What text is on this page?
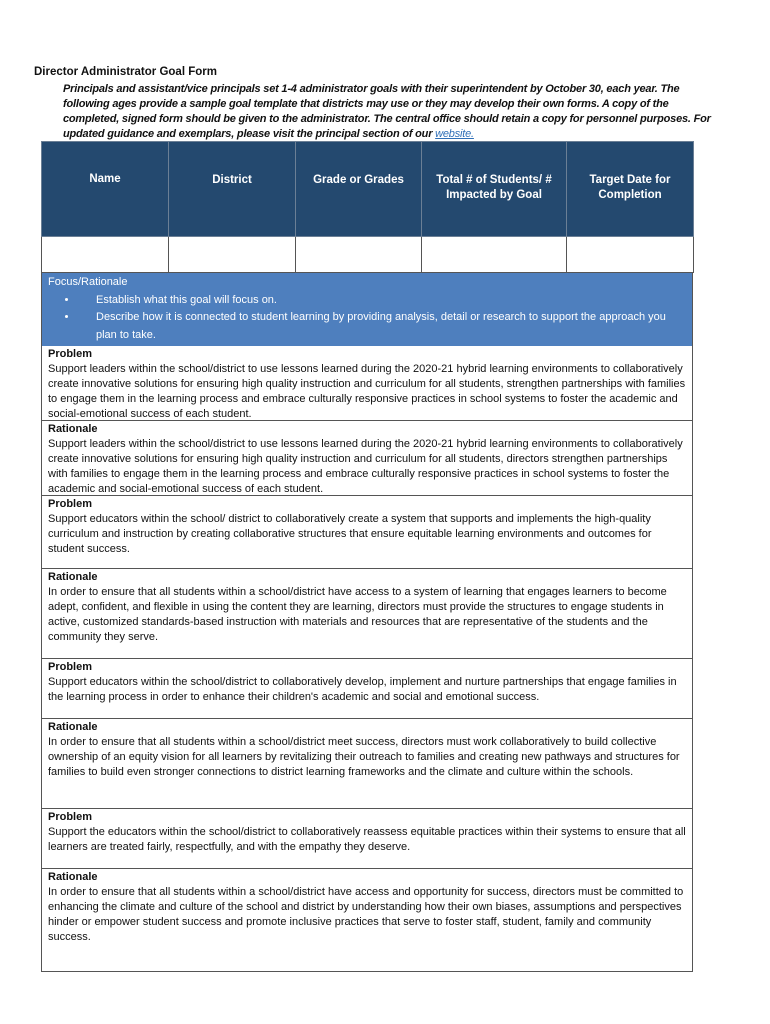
Director Administrator Goal Form
Principals and assistant/vice principals set 1-4 administrator goals with their superintendent by October 30, each year. The following ages provide a sample goal template that districts may use or they may develop their own forms. A copy of the completed, signed form should be given to the administrator. The central office should retain a copy for personnel purposes. For updated guidance and exemplars, please visit the principal section of our website.
Name	District	Grade or Grades	Total # of Students/ # Impacted by Goal	Target Date for Completion

Focus/Rationale
• Establish what this goal will focus on.
• Describe how it is connected to student learning by providing analysis, detail or research to support the approach you plan to take.
Problem
Support leaders within the school/district to use lessons learned during the 2020-21 hybrid learning environments to collaboratively create innovative solutions for ensuring high quality instruction and curriculum for all students, strengthen partnerships with families to engage them in the learning process and embrace culturally responsive practices in school systems to foster the academic and social-emotional success of each student.
Rationale
Support leaders within the school/district to use lessons learned during the 2020-21 hybrid learning environments to collaboratively create innovative solutions for ensuring high quality instruction and curriculum for all students, directors strengthen partnerships with families to engage them in the learning process and embrace culturally responsive practices in school systems to foster the academic and social-emotional success of each student.
Problem
Support educators within the school/ district to collaboratively create a system that supports and implements the high-quality curriculum and instruction by creating collaborative structures that ensure equitable learning environments and outcomes for student success.
Rationale
In order to ensure that all students within a school/district have access to a system of learning that engages learners to become adept, confident, and flexible in using the content they are learning, directors must provide the structures to engage students in active, customized standards-based instruction with materials and resources that are representative of the students and the community they serve.
Problem
Support educators within the school/district to collaboratively develop, implement and nurture partnerships that engage families in the learning process in order to enhance their children's academic and social and emotional success.
Rationale
In order to ensure that all students within a school/district meet success, directors must work collaboratively to build collective ownership of an equity vision for all learners by revitalizing their outreach to families and creating new pathways and structures for families to build even stronger connections to district learning frameworks and the climate and culture within the schools.
Problem
Support the educators within the school/district to collaboratively reassess equitable practices within their systems to ensure that all learners are treated fairly, respectfully, and with the empathy they deserve.
Rationale
In order to ensure that all students within a school/district have access and opportunity for success, directors must be committed to enhancing the climate and culture of the school and district by understanding how their own biases, assumptions and perspectives hinder or empower student success and promote inclusive practices that serve to foster staff, student, family and community success.
